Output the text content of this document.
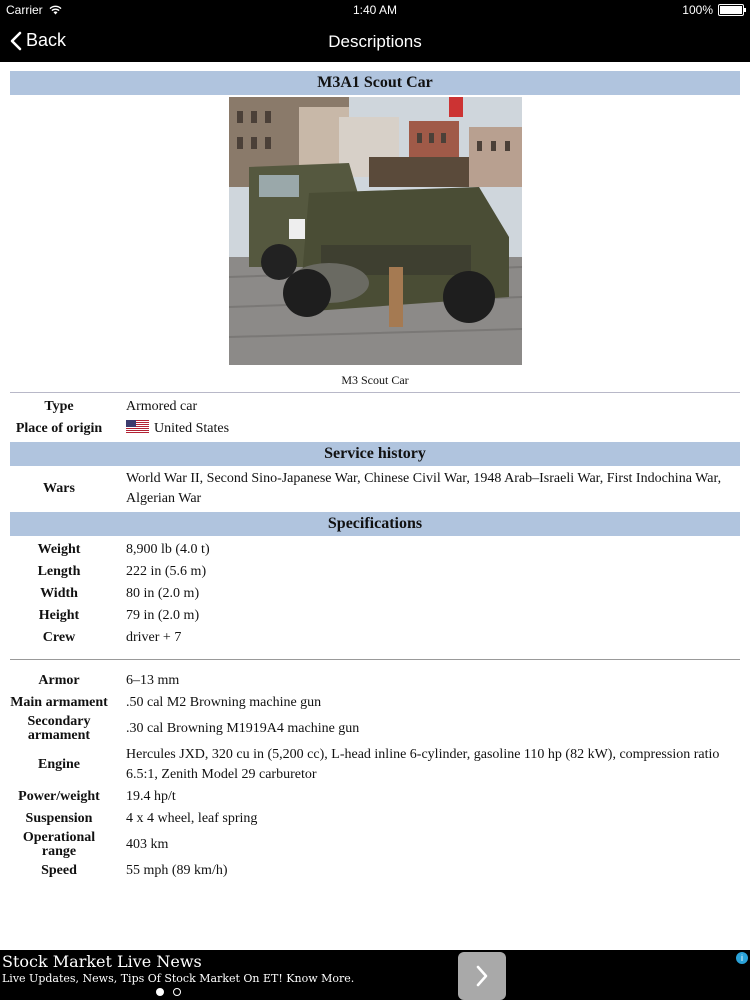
Carrier	1:40 AM	100%
Back	Descriptions
M3A1 Scout Car
M3 Scout Car
Type	Armored car
Place of origin	United States
Service history
Wars	World War II, Second Sino-Japanese War, Chinese Civil War, 1948 Arab–Israeli War, First Indochina War, Algerian War
Specifications
Weight	8,900 lb (4.0 t)
Length	222 in (5.6 m)
Width	80 in (2.0 m)
Height	79 in (2.0 m)
Crew	driver + 7
Armor	6–13 mm
Main armament	.50 cal M2 Browning machine gun
Secondary armament	.30 cal Browning M1919A4 machine gun
Engine	Hercules JXD, 320 cu in (5,200 cc), L-head inline 6-cylinder, gasoline 110 hp (82 kW), compression ratio 6.5:1, Zenith Model 29 carburetor
Power/weight	19.4 hp/t
Suspension	4 x 4 wheel, leaf spring
Operational range	403 km
Speed	55 mph (89 km/h)
Stock Market Live News
Live Updates, News, Tips Of Stock Market On ET! Know More.
i
